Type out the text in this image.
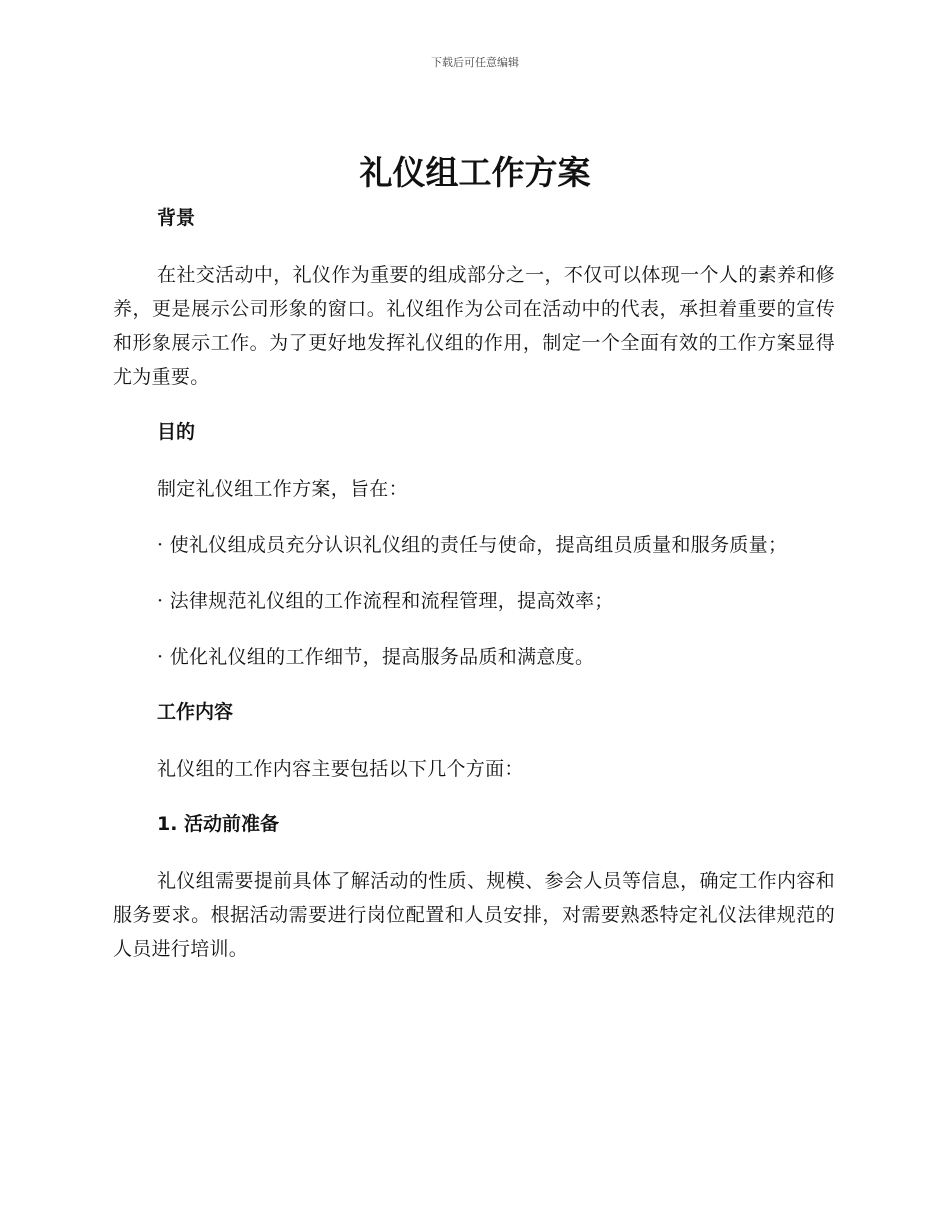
下载后可任意编辑
礼仪组工作方案
背景

在社交活动中，礼仪作为重要的组成部分之一，不仅可以体现一个人的素养和修养，更是展示公司形象的窗口。礼仪组作为公司在活动中的代表，承担着重要的宣传和形象展示工作。为了更好地发挥礼仪组的作用，制定一个全面有效的工作方案显得尤为重要。

目的

制定礼仪组工作方案，旨在：

· 使礼仪组成员充分认识礼仪组的责任与使命，提高组员质量和服务质量；

· 法律规范礼仪组的工作流程和流程管理，提高效率；

· 优化礼仪组的工作细节，提高服务品质和满意度。

工作内容

礼仪组的工作内容主要包括以下几个方面：

1. 活动前准备

礼仪组需要提前具体了解活动的性质、规模、参会人员等信息，确定工作内容和服务要求。根据活动需要进行岗位配置和人员安排，对需要熟悉特定礼仪法律规范的人员进行培训。
